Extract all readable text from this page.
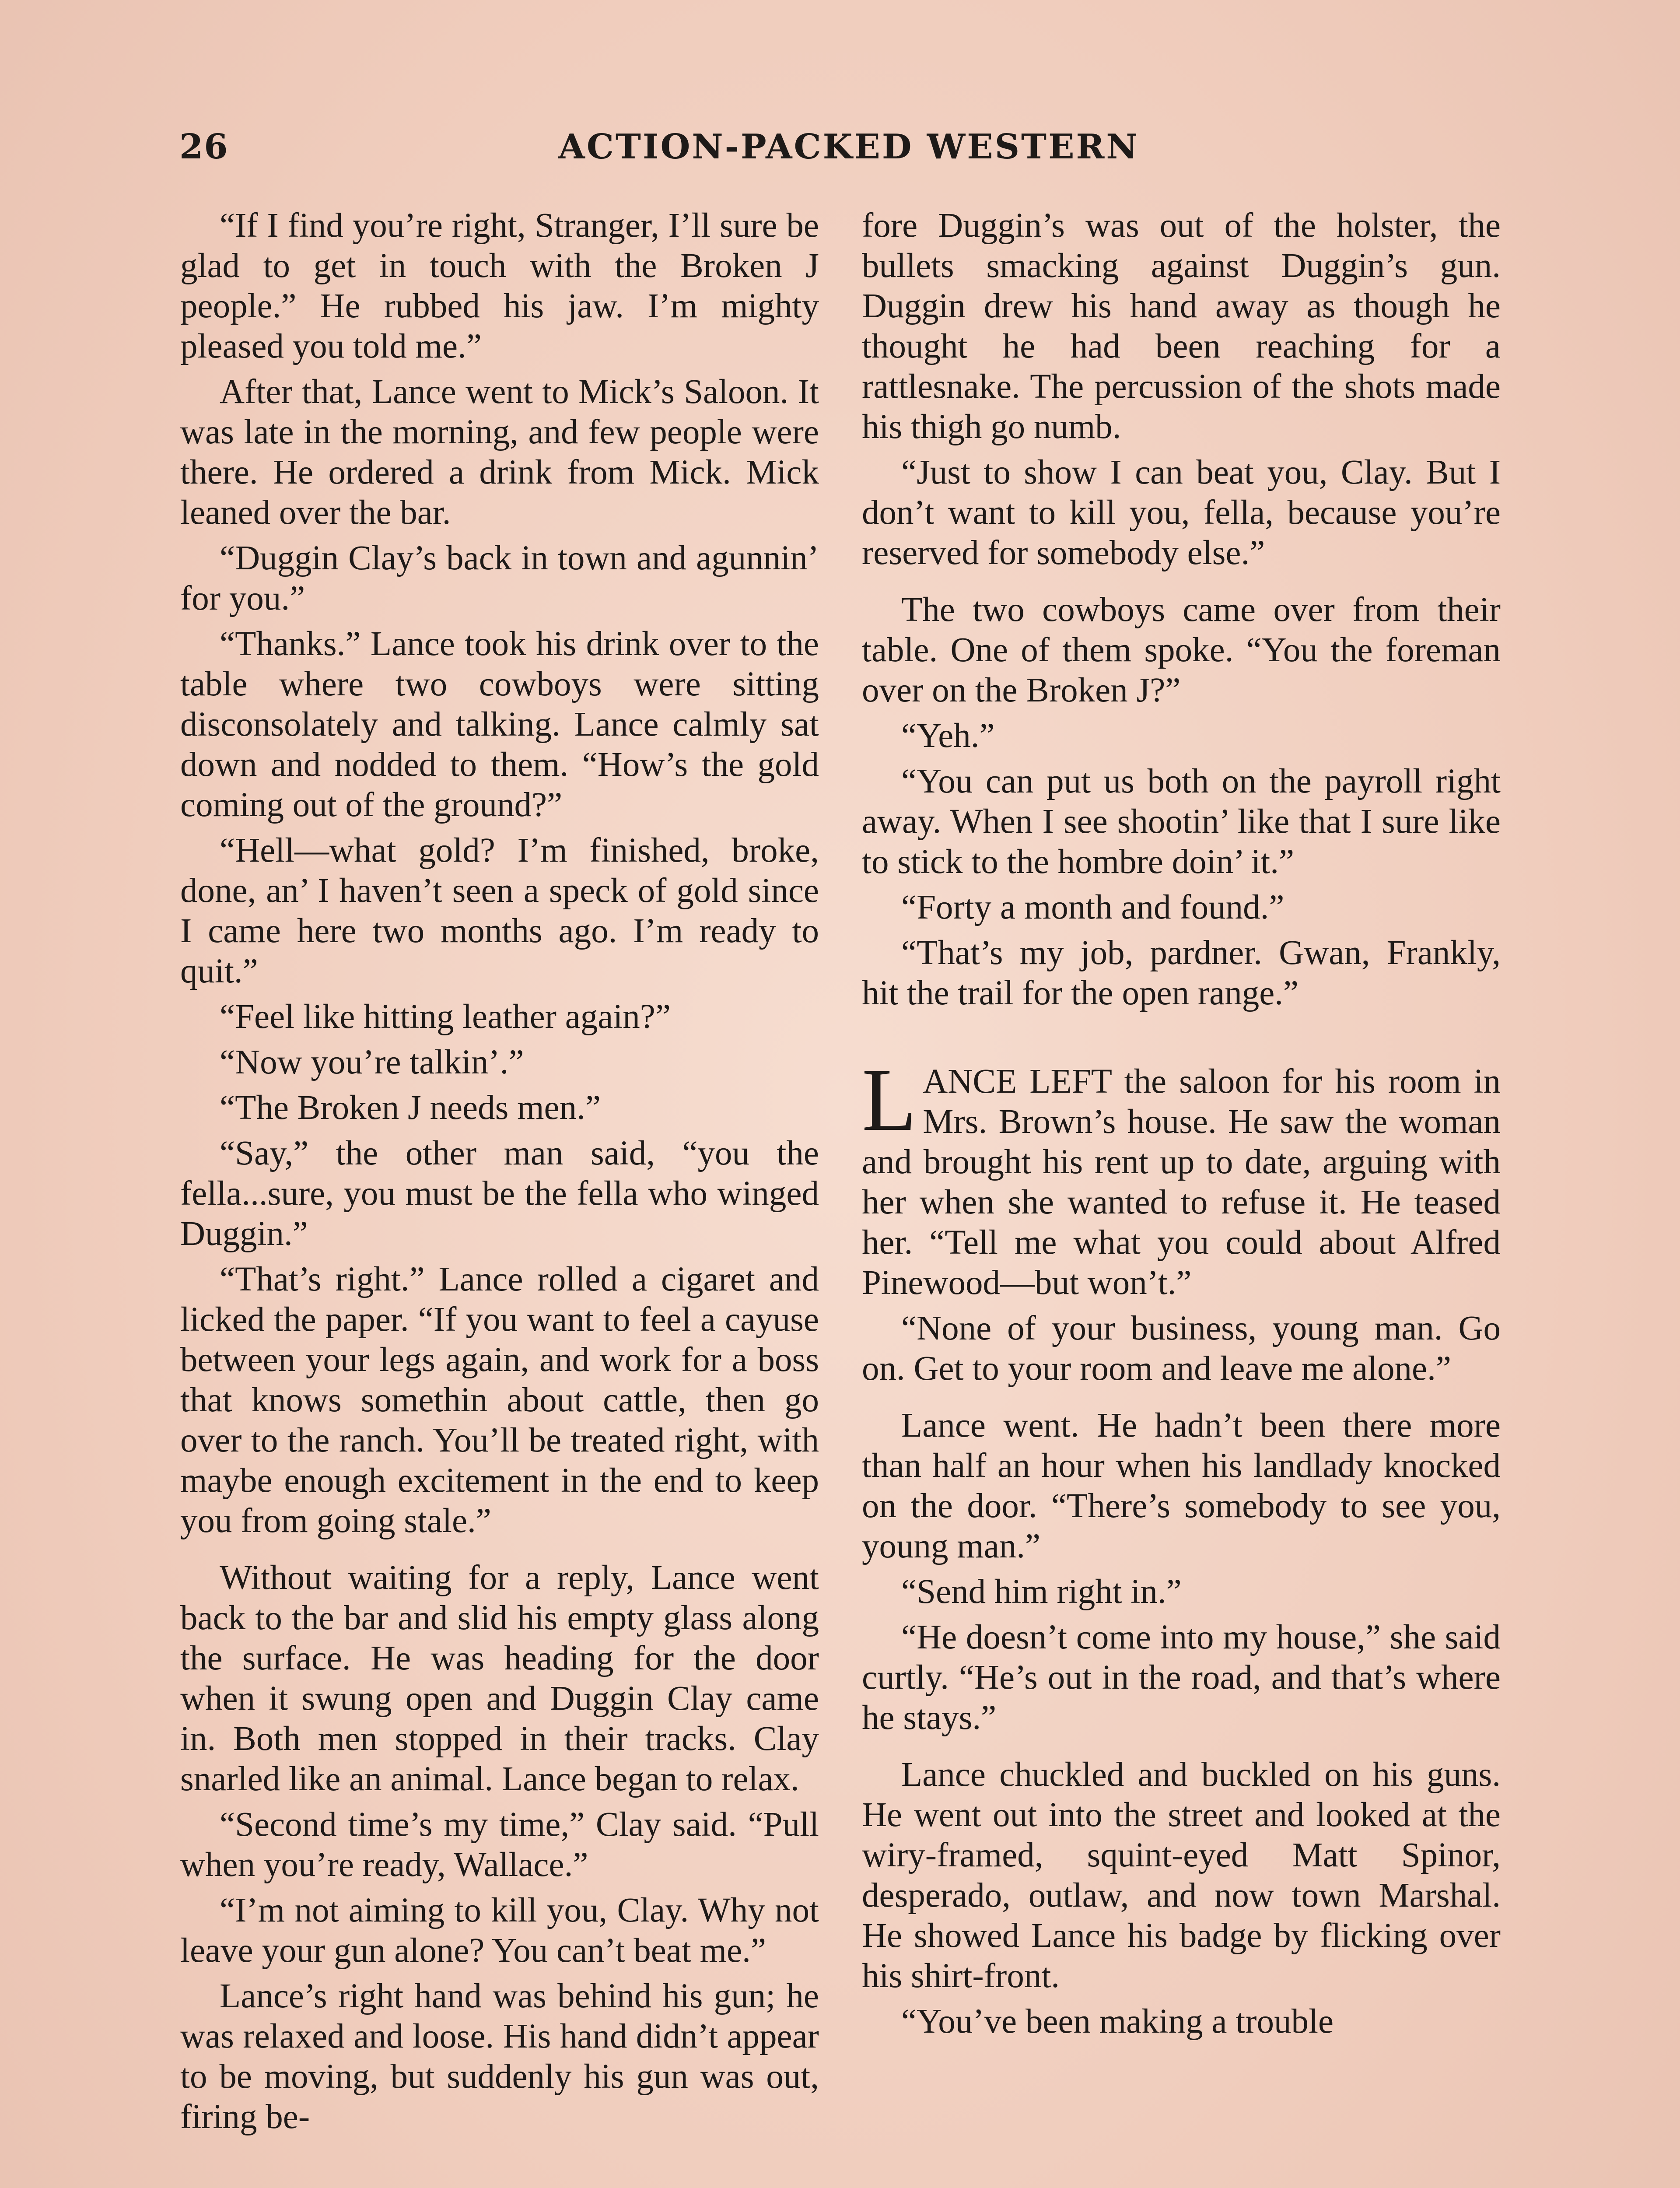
26	ACTION-PACKED WESTERN

“If I find you’re right, Stranger, I’ll sure be glad to get in touch with the Broken J people.” He rubbed his jaw. I’m mighty pleased you told me.”

After that, Lance went to Mick’s Saloon. It was late in the morning, and few people were there. He ordered a drink from Mick. Mick leaned over the bar.

“Duggin Clay’s back in town and agunnin’ for you.”

“Thanks.” Lance took his drink over to the table where two cowboys were sitting disconsolately and talking. Lance calmly sat down and nodded to them. “How’s the gold coming out of the ground?”

“Hell—what gold? I’m finished, broke, done, an’ I haven’t seen a speck of gold since I came here two months ago. I’m ready to quit.”

“Feel like hitting leather again?”

“Now you’re talkin’.”

“The Broken J needs men.”

“Say,” the other man said, “you the fella...sure, you must be the fella who winged Duggin.”

“That’s right.” Lance rolled a cigaret and licked the paper. “If you want to feel a cayuse between your legs again, and work for a boss that knows somethin about cattle, then go over to the ranch. You’ll be treated right, with maybe enough excitement in the end to keep you from going stale.”

Without waiting for a reply, Lance went back to the bar and slid his empty glass along the surface. He was heading for the door when it swung open and Duggin Clay came in. Both men stopped in their tracks. Clay snarled like an animal. Lance began to relax.

“Second time’s my time,” Clay said. “Pull when you’re ready, Wallace.”

“I’m not aiming to kill you, Clay. Why not leave your gun alone? You can’t beat me.”

Lance’s right hand was behind his gun; he was relaxed and loose. His hand didn’t appear to be moving, but suddenly his gun was out, firing be-

fore Duggin’s was out of the holster, the bullets smacking against Duggin’s gun. Duggin drew his hand away as though he thought he had been reaching for a rattlesnake. The percussion of the shots made his thigh go numb.

“Just to show I can beat you, Clay. But I don’t want to kill you, fella, because you’re reserved for somebody else.”

The two cowboys came over from their table. One of them spoke. “You the foreman over on the Broken J?”

“Yeh.”

“You can put us both on the payroll right away. When I see shootin’ like that I sure like to stick to the hombre doin’ it.”

“Forty a month and found.”

“That’s my job, pardner. Gwan, Frankly, hit the trail for the open range.”

LANCE LEFT the saloon for his room in Mrs. Brown’s house. He saw the woman and brought his rent up to date, arguing with her when she wanted to refuse it. He teased her. “Tell me what you could about Alfred Pinewood—but won’t.”

“None of your business, young man. Go on. Get to your room and leave me alone.”

Lance went. He hadn’t been there more than half an hour when his landlady knocked on the door. “There’s somebody to see you, young man.”

“Send him right in.”

“He doesn’t come into my house,” she said curtly. “He’s out in the road, and that’s where he stays.”

Lance chuckled and buckled on his guns. He went out into the street and looked at the wiry-framed, squint-eyed Matt Spinor, desperado, outlaw, and now town Marshal. He showed Lance his badge by flicking over his shirt-front.

“You’ve been making a trouble
